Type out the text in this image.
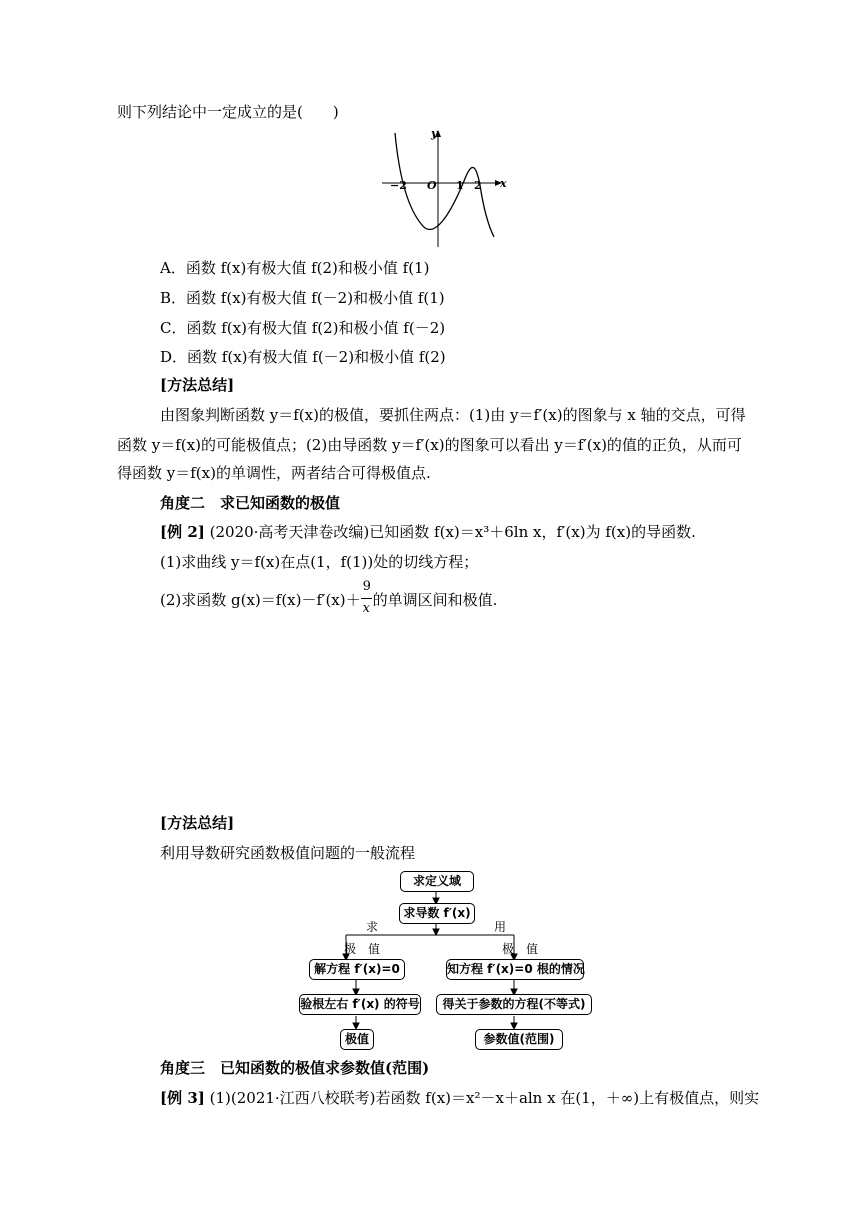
则下列结论中一定成立的是(　　)
y
x
O
−2	1 2
A．函数 f(x)有极大值 f(2)和极小值 f(1)
B．函数 f(x)有极大值 f(－2)和极小值 f(1)
C．函数 f(x)有极大值 f(2)和极小值 f(－2)
D．函数 f(x)有极大值 f(－2)和极小值 f(2)
[方法总结]
由图象判断函数 y＝f(x)的极值，要抓住两点：(1)由 y＝f′(x)的图象与 x 轴的交点，可得
函数 y＝f(x)的可能极值点；(2)由导函数 y＝f′(x)的图象可以看出 y＝f′(x)的值的正负，从而可
得函数 y＝f(x)的单调性，两者结合可得极值点.
角度二　求已知函数的极值
[例 2] (2020·高考天津卷改编)已知函数 f(x)＝x³＋6ln x，f′(x)为 f(x)的导函数.
(1)求曲线 y＝f(x)在点(1，f(1))处的切线方程；
(2)求函数 $g(x)=f(x)-f'(x)+ \frac{9}{x}$ 的单调区间和极值.
[方法总结]
利用导数研究函数极值问题的一般流程
求定义域
求导数 f′(x)
求
极　值
用
极　值
解方程 f′(x)=0	知方程 f′(x)=0 根的情况
验根左右 f′(x) 的符号	得关于参数的方程(不等式)
极值	参数值(范围)
角度三　已知函数的极值求参数值(范围)
[例 3] (1)(2021·江西八校联考)若函数 f(x)＝x²－x＋aln x 在(1，＋∞)上有极值点，则实
